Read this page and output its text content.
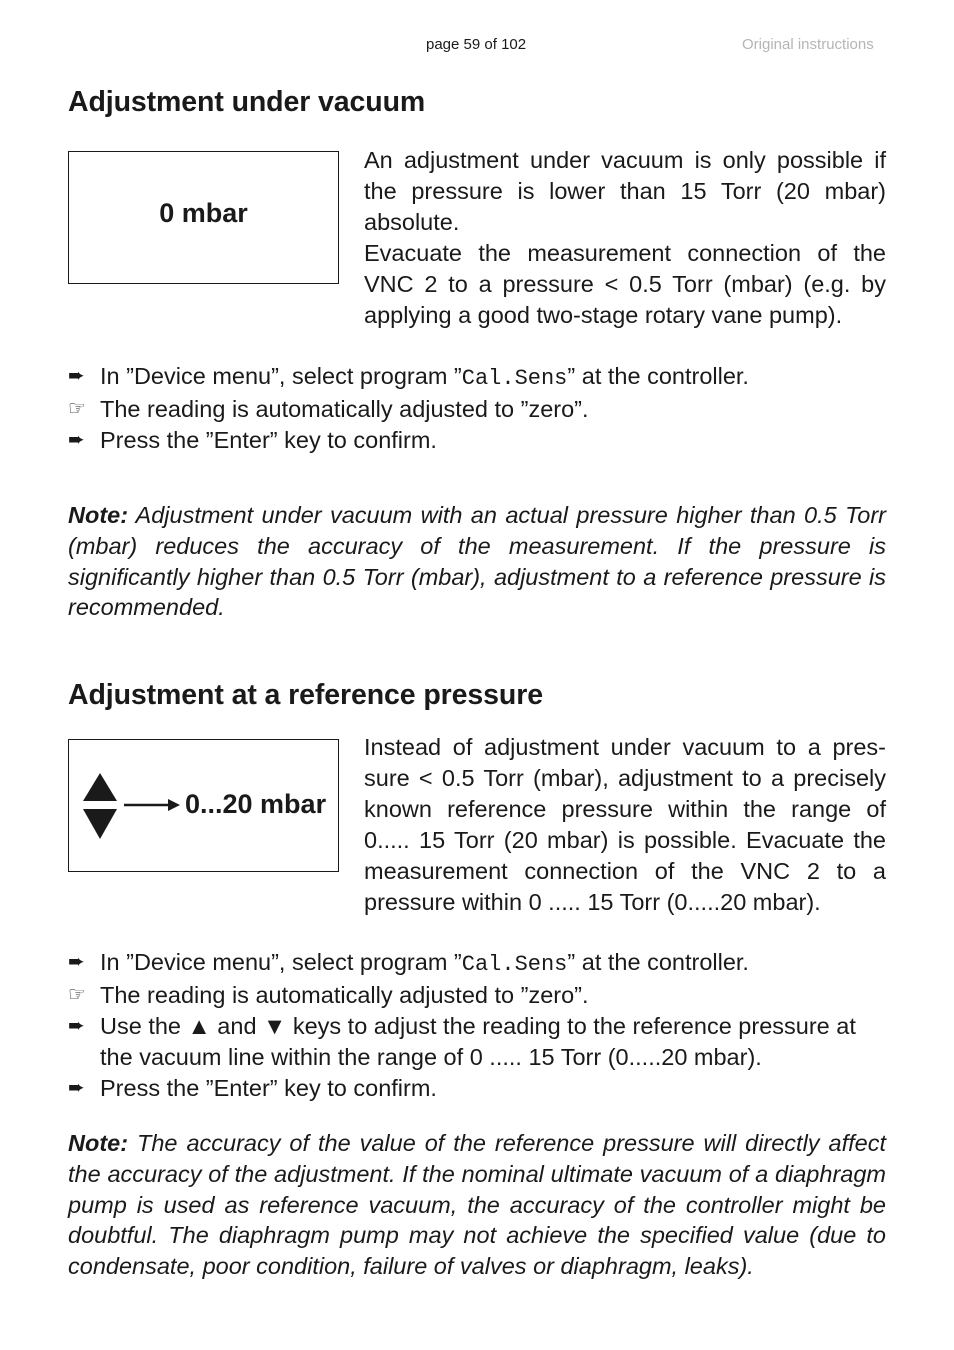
page 59 of 102	Original instructions
Adjustment under vacuum
0 mbar
An adjustment under vacuum is only possible if the pressure is lower than 15 Torr (20 mbar) absolute.
Evacuate the measurement connection of the VNC 2 to a pressure < 0.5 Torr (mbar) (e.g. by applying a good two-stage rotary vane pump).
➨ In ”Device menu”, select program ”Cal.Sens” at the controller.
☞ The reading is automatically adjusted to ”zero”.
➨ Press the ”Enter” key to confirm.
Note: Adjustment under vacuum with an actual pressure higher than 0.5 Torr (mbar) reduces the accuracy of the measurement. If the pressure is significantly higher than 0.5 Torr (mbar), adjustment to a reference pressure is recommended.
Adjustment at a reference pressure
0...20 mbar
Instead of adjustment under vacuum to a pressure < 0.5 Torr (mbar), adjustment to a precisely known reference pressure within the range of 0..... 15 Torr (20 mbar) is possible. Evacuate the measurement connection of the VNC 2 to a pressure within 0 ..... 15 Torr (0.....20 mbar).
➨ In ”Device menu”, select program ”Cal.Sens” at the controller.
☞ The reading is automatically adjusted to ”zero”.
➨ Use the ▲ and ▼ keys to adjust the reading to the reference pressure at the vacuum line within the range of 0 ..... 15 Torr (0.....20 mbar).
➨ Press the ”Enter” key to confirm.
Note: The accuracy of the value of the reference pressure will directly affect the accuracy of the adjustment. If the nominal ultimate vacuum of a diaphragm pump is used as reference vacuum, the accuracy of the controller might be doubtful. The diaphragm pump may not achieve the specified value (due to condensate, poor condition, failure of valves or diaphragm, leaks).
